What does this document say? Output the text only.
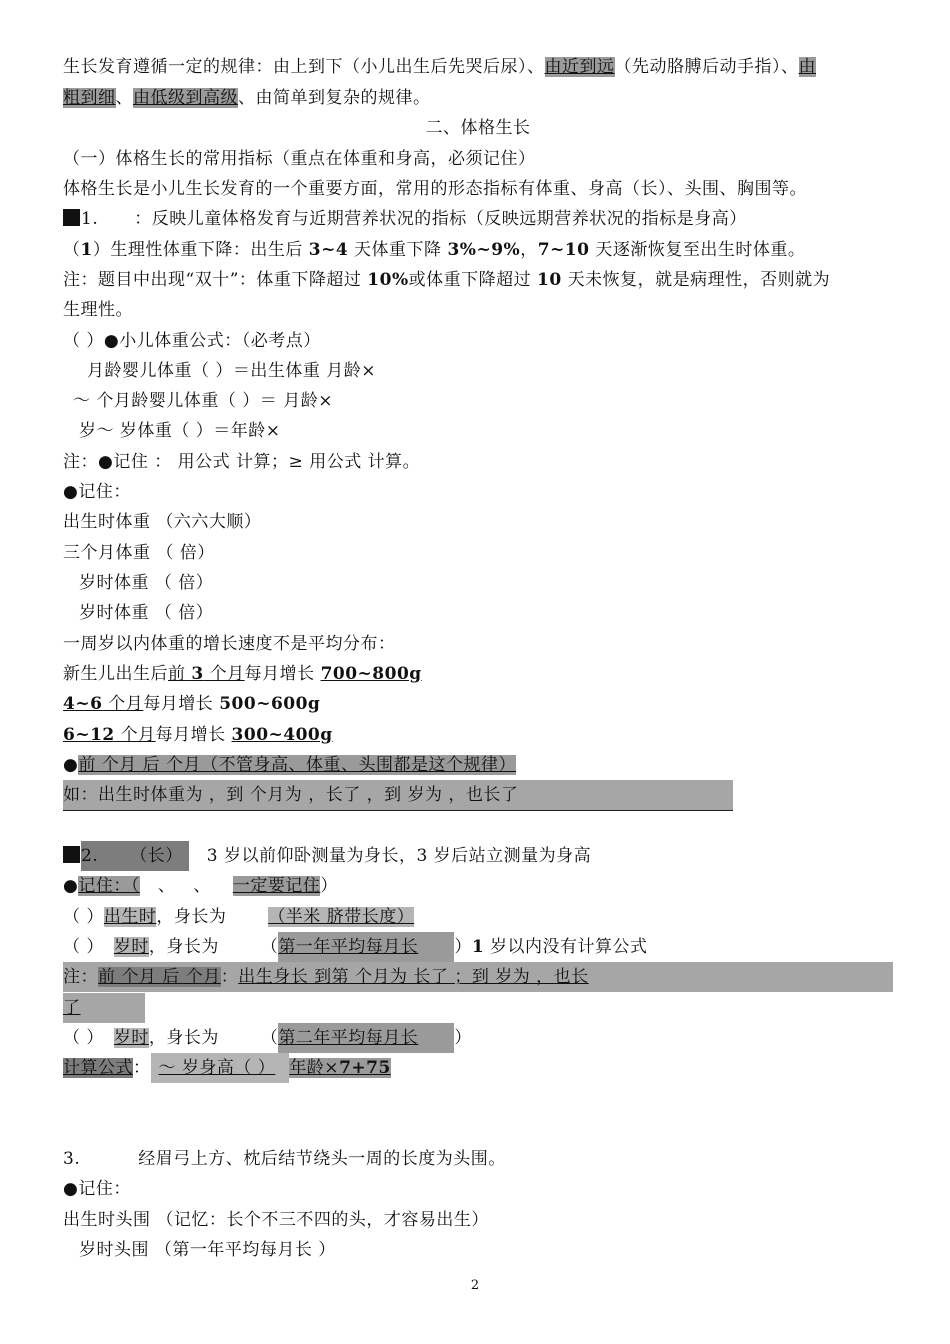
生长发育遵循一定的规律：由上到下（小儿出生后先哭后尿）、由近到远（先动胳膊后动手指）、由
粗到细、由低级到高级、由简单到复杂的规律。
二、体格生长
（一）体格生长的常用指标（重点在体重和身高，必须记住）
体格生长是小儿生长发育的一个重要方面，常用的形态指标有体重、身高（长）、头围、胸围等。
1. ：反映儿童体格发育与近期营养状况的指标（反映远期营养状况的指标是身高）
（1）生理性体重下降：出生后 3~4 天体重下降 3%~9%，7~10 天逐渐恢复至出生时体重。
注：题目中出现“双十”：体重下降超过 10%或体重下降超过 10 天未恢复，就是病理性，否则就为
生理性。
（ ）●小儿体重公式：（必考点）
月龄婴儿体重（ ）＝出生体重 月龄×
～ 个月龄婴儿体重（ ）＝ 月龄×
岁～ 岁体重（ ）＝年龄×
注：●记住 ： 用公式 计算；≥ 用公式 计算。
●记住：
出生时体重 （六六大顺）
三个月体重 （ 倍）
岁时体重 （ 倍）
岁时体重 （ 倍）
一周岁以内体重的增长速度不是平均分布：
新生儿出生后前 3 个月每月增长 700~800g
4~6 个月每月增长 500~600g
6~12 个月每月增长 300~400g
●前 个月 后 个月（不管身高、体重、头围都是这个规律）
如：出生时体重为 ，到 个月为 ，长了 ，到 岁为 ，也长了
2. （长） 3 岁以前仰卧测量为身长，3 岁后站立测量为身高
●记住：（ 、 、 一定要记住）
（ ）出生时，身长为 （半米 脐带长度）
（ ） 岁时，身长为 （第一年平均每月长 ）1 岁以内没有计算公式
注：前 个月 后 个月：出生身长 到第 个月为 长了 ；到 岁为 ，也长
了
（ ） 岁时，身长为 （第二年平均每月长 ）
计算公式： ～ 岁身高（ ） 年龄×7+75
3.	经眉弓上方、枕后结节绕头一周的长度为头围。
●记住：
出生时头围 （记忆：长个不三不四的头，才容易出生）
岁时头围 （第一年平均每月长 ）
2
